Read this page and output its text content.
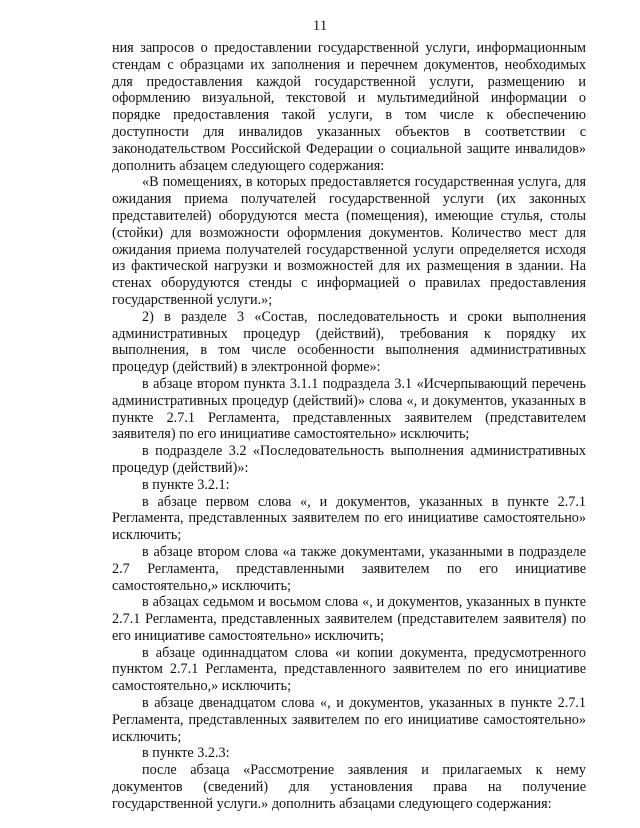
11

ния запросов о предоставлении государственной услуги, информационным стендам с образцами их заполнения и перечнем документов, необходимых для предоставления каждой государственной услуги, размещению и оформлению визуальной, текстовой и мультимедийной информации о порядке предоставления такой услуги, в том числе к обеспечению доступности для инвалидов указанных объектов в соответствии с законодательством Российской Федерации о социальной защите инвалидов» дополнить абзацем следующего содержания:

«В помещениях, в которых предоставляется государственная услуга, для ожидания приема получателей государственной услуги (их законных представителей) оборудуются места (помещения), имеющие стулья, столы (стойки) для возможности оформления документов. Количество мест для ожидания приема получателей государственной услуги определяется исходя из фактической нагрузки и возможностей для их размещения в здании. На стенах оборудуются стенды с информацией о правилах предоставления государственной услуги.»;

2) в разделе 3 «Состав, последовательность и сроки выполнения административных процедур (действий), требования к порядку их выполнения, в том числе особенности выполнения административных процедур (действий) в электронной форме»:

в абзаце втором пункта 3.1.1 подраздела 3.1 «Исчерпывающий перечень административных процедур (действий)» слова «, и документов, указанных в пункте 2.7.1 Регламента, представленных заявителем (представителем заявителя) по его инициативе самостоятельно» исключить;

в подразделе 3.2 «Последовательность выполнения административных процедур (действий)»:

в пункте 3.2.1:

в абзаце первом слова «, и документов, указанных в пункте 2.7.1 Регламента, представленных заявителем по его инициативе самостоятельно» исключить;

в абзаце втором слова «а также документами, указанными в подразделе 2.7 Регламента, представленными заявителем по его инициативе самостоятельно,» исключить;

в абзацах седьмом и восьмом слова «, и документов, указанных в пункте 2.7.1 Регламента, представленных заявителем (представителем заявителя) по его инициативе самостоятельно» исключить;

в абзаце одиннадцатом слова «и копии документа, предусмотренного пунктом 2.7.1 Регламента, представленного заявителем по его инициативе самостоятельно,» исключить;

в абзаце двенадцатом слова «, и документов, указанных в пункте 2.7.1 Регламента, представленных заявителем по его инициативе самостоятельно» исключить;

в пункте 3.2.3:

после абзаца «Рассмотрение заявления и прилагаемых к нему документов (сведений) для установления права на получение государственной услуги.» дополнить абзацами следующего содержания:
